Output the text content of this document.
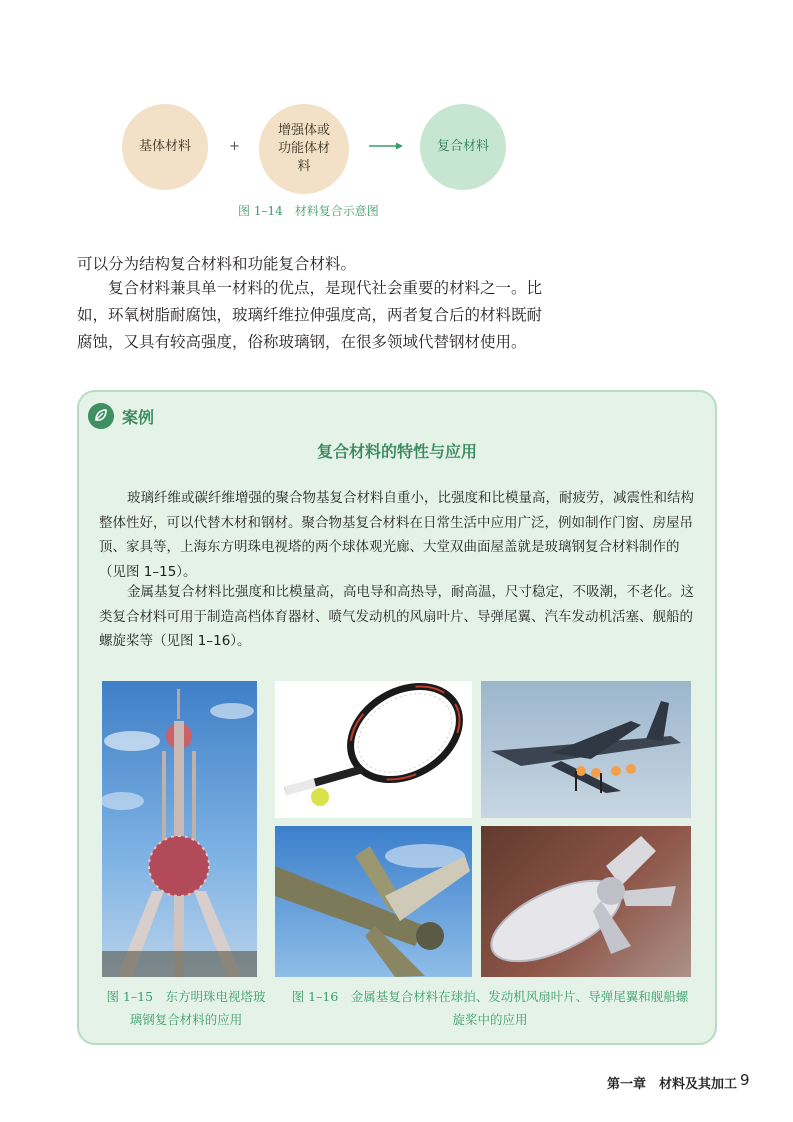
基体材料	+
增强体或功能体材料
复合材料
图 1–14　材料复合示意图

可以分为结构复合材料和功能复合材料。

复合材料兼具单一材料的优点，是现代社会重要的材料之一。比如，环氧树脂耐腐蚀，玻璃纤维拉伸强度高，两者复合后的材料既耐腐蚀，又具有较高强度，俗称玻璃钢，在很多领域代替钢材使用。

案例
复合材料的特性与应用

玻璃纤维或碳纤维增强的聚合物基复合材料自重小，比强度和比模量高，耐疲劳，减震性和结构整体性好，可以代替木材和钢材。聚合物基复合材料在日常生活中应用广泛，例如制作门窗、房屋吊顶、家具等，上海东方明珠电视塔的两个球体观光廊、大堂双曲面屋盖就是玻璃钢复合材料制作的（见图 1–15）。

金属基复合材料比强度和比模量高，高电导和高热导，耐高温，尺寸稳定，不吸潮，不老化。这类复合材料可用于制造高档体育器材、喷气发动机的风扇叶片、导弹尾翼、汽车发动机活塞、舰船的螺旋桨等（见图 1–16）。

图 1–15　东方明珠电视塔玻璃钢复合材料的应用
图 1–16　金属基复合材料在球拍、发动机风扇叶片、导弹尾翼和舰船螺旋桨中的应用
第一章　材料及其加工 9
